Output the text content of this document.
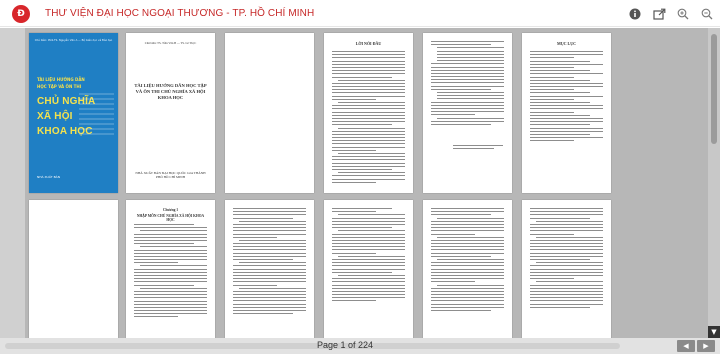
Đ	THƯ VIỆN ĐẠI HỌC NGOẠI THƯƠNG - TP. HỒ CHÍ MINH
Chủ biên: PGS.TS. Nguyễn Văn A — Bộ Giáo dục và Đào tạo
TÀI LIỆU HƯỚNG DẪN
HỌC TẬP VÀ ÔN THI
CHỦ NGHĨA
XÃ HỘI
KHOA HỌC
NHÀ XUẤT BẢN
Chủ biên: TS. Trần Văn B — TS. Lê Thị C
TÀI LIỆU HƯỚNG DẪN HỌC TẬP VÀ ÔN THI CHỦ NGHĨA XÃ HỘI KHOA HỌC
NHÀ XUẤT BẢN ĐẠI HỌC QUỐC GIA THÀNH PHỐ HỒ CHÍ MINH
LỜI NÓI ĐẦU	MỤC LỤC
Chương 1
NHẬP MÔN CHỦ NGHĨA XÃ HỘI KHOA HỌC
▼
Page 1 of 224	◀	▶
